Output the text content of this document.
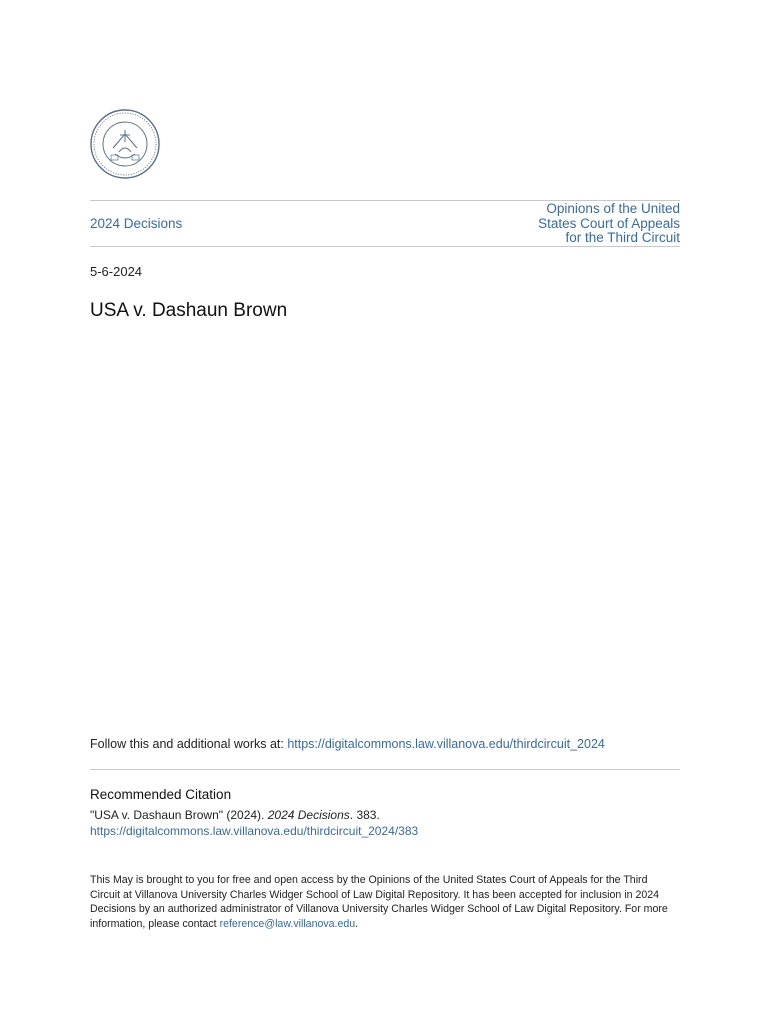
2024 Decisions
Opinions of the United
States Court of Appeals
for the Third Circuit
5-6-2024
USA v. Dashaun Brown
Follow this and additional works at: https://digitalcommons.law.villanova.edu/thirdcircuit_2024
Recommended Citation
"USA v. Dashaun Brown" (2024). 2024 Decisions. 383.
https://digitalcommons.law.villanova.edu/thirdcircuit_2024/383
This May is brought to you for free and open access by the Opinions of the United States Court of Appeals for the Third Circuit at Villanova University Charles Widger School of Law Digital Repository. It has been accepted for inclusion in 2024 Decisions by an authorized administrator of Villanova University Charles Widger School of Law Digital Repository. For more information, please contact reference@law.villanova.edu.
